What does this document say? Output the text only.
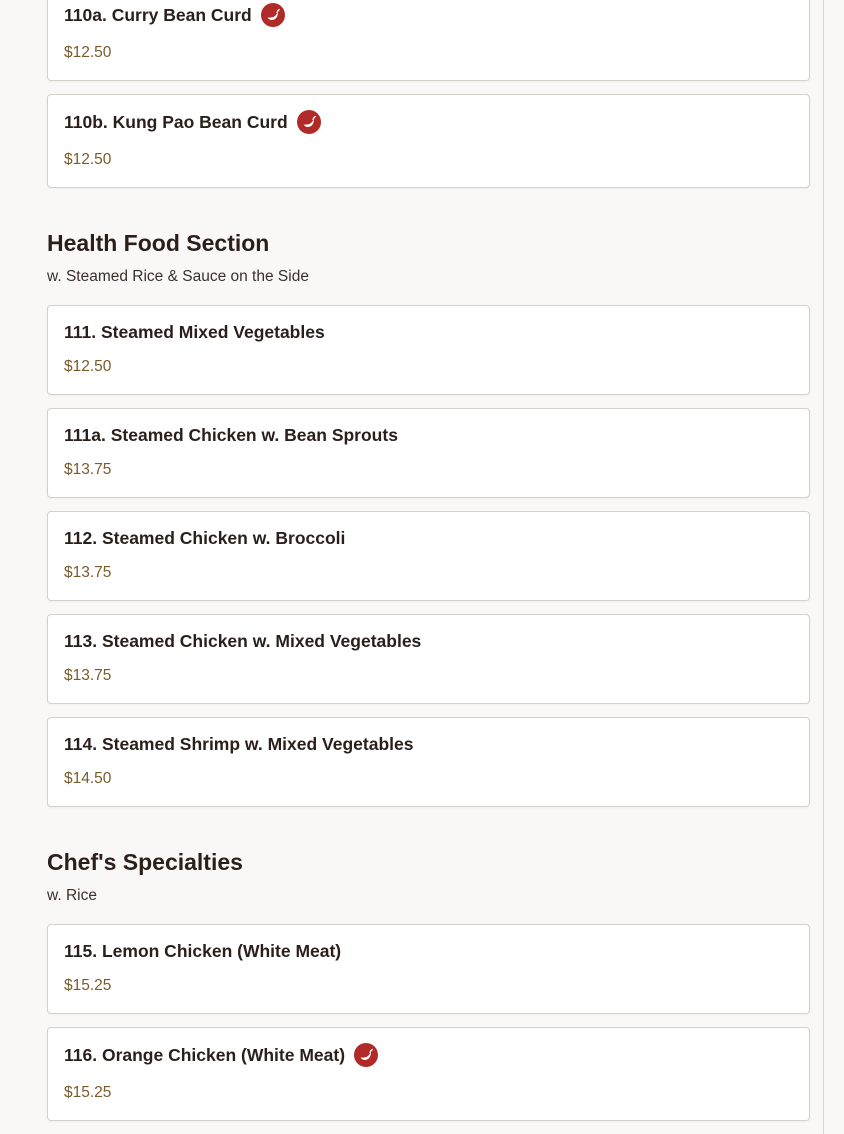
110a. Curry Bean Curd
$12.50
110b. Kung Pao Bean Curd
$12.50
Health Food Section
w. Steamed Rice & Sauce on the Side
111. Steamed Mixed Vegetables
$12.50
111a. Steamed Chicken w. Bean Sprouts
$13.75
112. Steamed Chicken w. Broccoli
$13.75
113. Steamed Chicken w. Mixed Vegetables
$13.75
114. Steamed Shrimp w. Mixed Vegetables
$14.50
Chef's Specialties
w. Rice
115. Lemon Chicken (White Meat)
$15.25
116. Orange Chicken (White Meat)
$15.25
